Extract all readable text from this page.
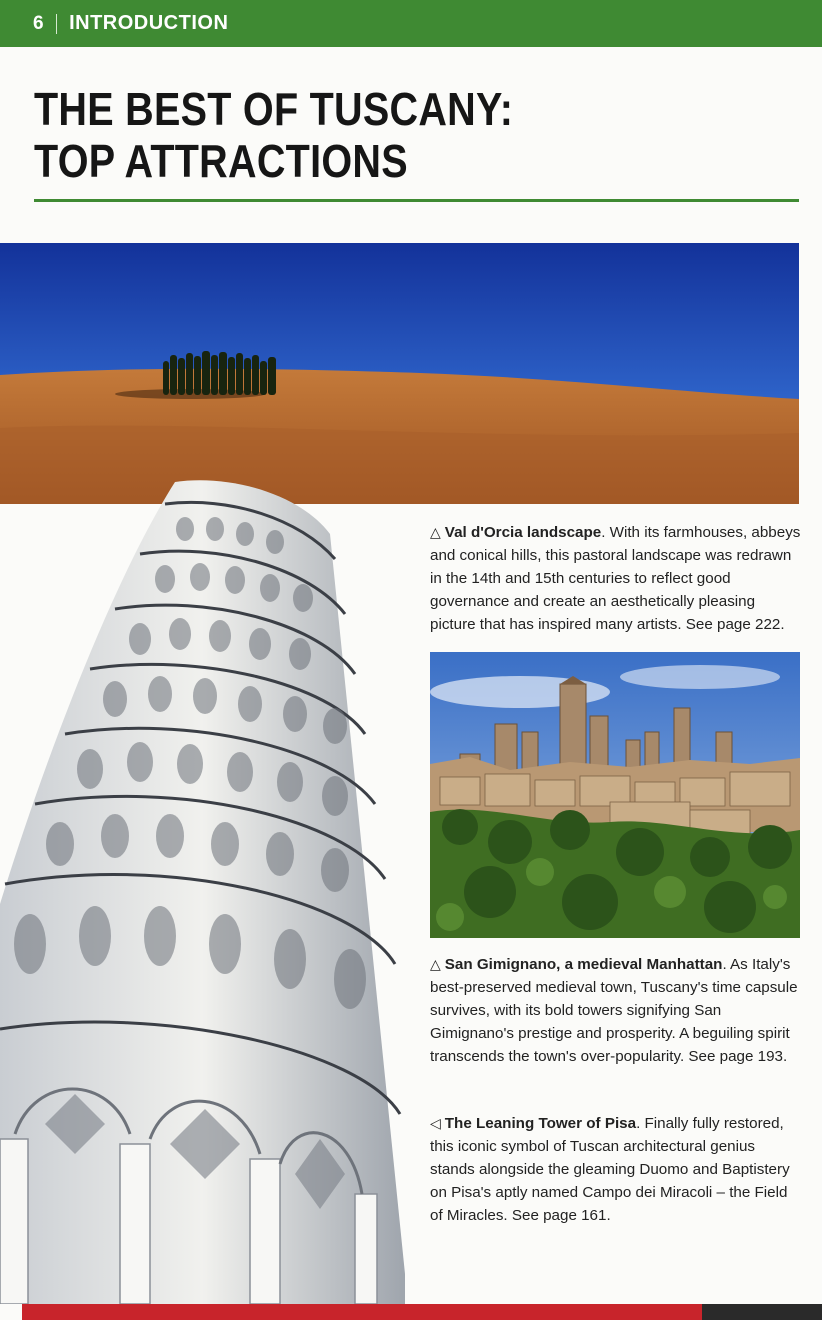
6 INTRODUCTION
THE BEST OF TUSCANY:
TOP ATTRACTIONS

△ Val d'Orcia landscape. With its farmhouses, abbeys and conical hills, this pastoral landscape was redrawn in the 14th and 15th centuries to reflect good governance and create an aesthetically pleasing picture that has inspired many artists. See page 222.

△ San Gimignano, a medieval Manhattan. As Italy's best-preserved medieval town, Tuscany's time capsule survives, with its bold towers signifying San Gimignano's prestige and prosperity. A beguiling spirit transcends the town's over-popularity. See page 193.

◁ The Leaning Tower of Pisa. Finally fully restored, this iconic symbol of Tuscan architectural genius stands alongside the gleaming Duomo and Baptistery on Pisa's aptly named Campo dei Miracoli – the Field of Miracles. See page 161.
